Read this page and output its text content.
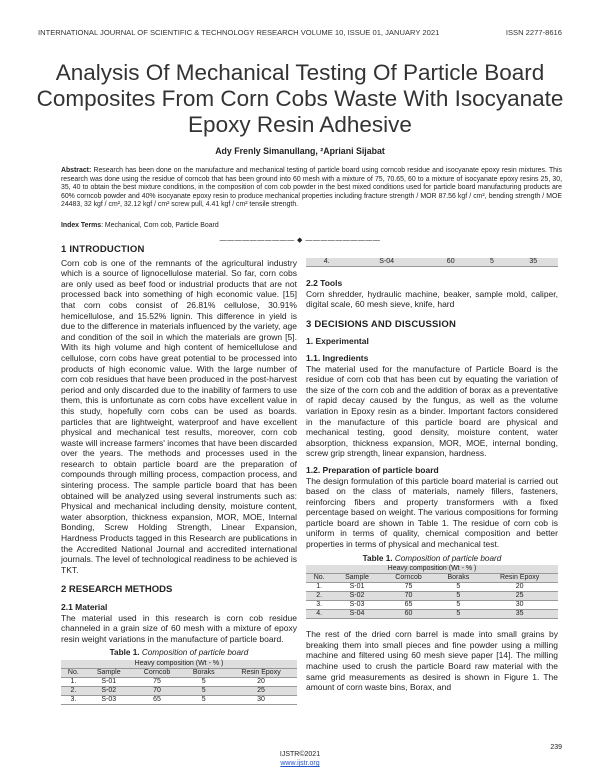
INTERNATIONAL JOURNAL OF SCIENTIFIC & TECHNOLOGY RESEARCH VOLUME 10, ISSUE 01, JANUARY 2021	ISSN 2277-8616
Analysis Of Mechanical Testing Of Particle Board Composites From Corn Cobs Waste With Isocyanate Epoxy Resin Adhesive
Ady Frenly Simanullang, ²Apriani Sijabat
Abstract: Research has been done on the manufacture and mechanical testing of particle board using corncob residue and isocyanate epoxy resin mixtures. This research was done using the residue of corncob that has been ground into 60 mesh with a mixture of 75, 70.65, 60 to a mixture of isocyanate epoxy resins 25, 30, 35, 40 to obtain the best mixture conditions, in the composition of corn cob powder in the best mixed conditions used for particle board manufacturing products are 60% corncob powder and 40% isocyanate epoxy resin to produce mechanical properties including fracture strength / MOR 87.56 kgf / cm², bending strength / MOE 24483, 32 kgf / cm², 32.12 kgf / cm² screw pull, 4.41 kgf / cm² tensile strength.
Index Terms: Mechanical, Corn cob, Particle Board
—————————— ◆ ——————————
1 INTRODUCTION

Corn cob is one of the remnants of the agricultural industry which is a source of lignocellulose material. So far, corn cobs are only used as beef food or industrial products that are not processed back into something of high economic value. [15] that corn cobs consist of 26.81% cellulose, 30.91% hemicellulose, and 15.52% lignin. This difference in yield is due to the difference in materials influenced by the variety, age and condition of the soil in which the materials are grown [5]. With its high volume and high content of hemicellulose and cellulose, corn cobs have great potential to be processed into products of high economic value. With the large number of corn cob residues that have been produced in the post-harvest period and only discarded due to the inability of farmers to use them, this is unfortunate as corn cobs have excellent value in this study, hopefully corn cobs can be used as boards. particles that are lightweight, waterproof and have excellent physical and mechanical test results, moreover, corn cob waste will increase farmers' incomes that have been discarded over the years. The methods and processes used in the research to obtain particle board are the preparation of compounds through milling process, compaction process, and sintering process. The sample particle board that has been obtained will be analyzed using several instruments such as: Physical and mechanical including density, moisture content, water absorption, thickness expansion, MOR, MOE, Internal Bonding, Screw Holding Strength, Linear Expansion, Hardness Products tagged in this Research are publications in the Accredited National Journal and accredited international journals. The level of technological readiness to be achieved is TKT.

2 RESEARCH METHODS
2.1 Material

The material used in this research is corn cob residue channeled in a grain size of 60 mesh with a mixture of epoxy resin weight variations in the manufacture of particle board.

Table 1. Composition of particle board
Heavy composition (Wt - % )				
No.	Sample	Corncob	Boraks	Resin Epoxy
1.	S-01	75	5	20
2.	S-02	70	5	25
3.	S-03	65	5	30
4.	S-04	60	5	35
2.2 Tools

Corn shredder, hydraulic machine, beaker, sample mold, caliper, digital scale, 60 mesh sieve, knife, hard

3 DECISIONS AND DISCUSSION
1. Experimental
1.1. Ingredients

The material used for the manufacture of Particle Board is the residue of corn cob that has been cut by equating the variation of the size of the corn cob and the addition of borax as a preventative of rapid decay caused by the fungus, as well as the volume variation in Epoxy resin as a binder. Important factors considered in the manufacture of this particle board are physical and mechanical testing, good density, moisture content, water absorption, thickness expansion, MOR, MOE, internal bonding, screw grip strength, linear expansion, hardness.

1.2. Preparation of particle board

The design formulation of this particle board material is carried out based on the class of materials, namely fillers, fasteners, reinforcing fibers and property transformers with a fixed percentage based on weight. The various compositions for forming particle board are shown in Table 1. The residue of corn cob is uniform in terms of quality, chemical composition and better properties in terms of physical and mechanical test.

Table 1. Composition of particle board
Heavy composition (Wt - % )				
No.	Sample	Corncob	Boraks	Resin Epoxy
1.	S-01	75	5	20
2.	S-02	70	5	25
3.	S-03	65	5	30
4.	S-04	60	5	35

The rest of the dried corn barrel is made into small grains by breaking them into small pieces and fine powder using a milling machine and filtered using 60 mesh sieve paper [14]. The milling machine used to crush the particle Board raw material with the same grid measurements as desired is shown in Figure 1. The amount of corn waste bins, Borax, and

239
IJSTR©2021
www.ijstr.org
